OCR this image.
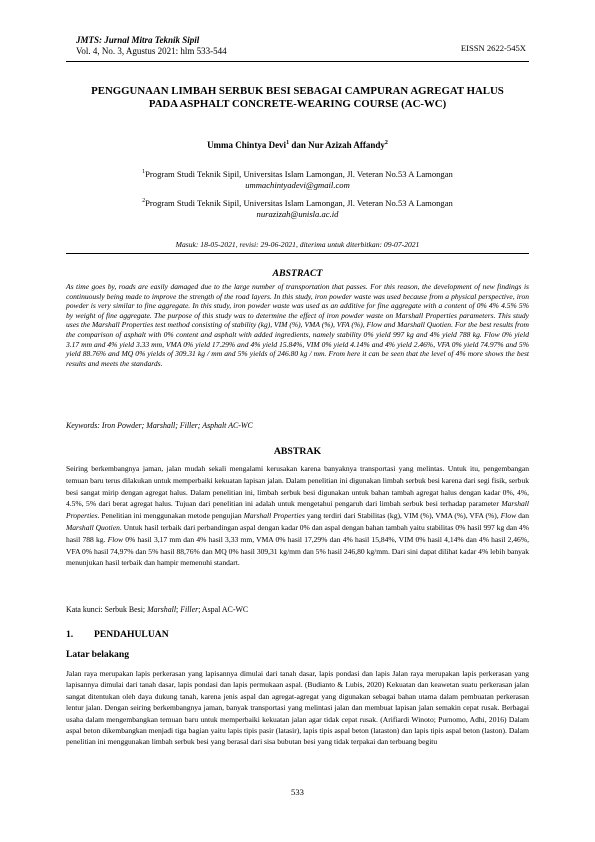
JMTS: Jurnal Mitra Teknik Sipil
Vol. 4, No. 3, Agustus 2021: hlm 533-544	EISSN 2622-545X
PENGGUNAAN LIMBAH SERBUK BESI SEBAGAI CAMPURAN AGREGAT HALUS
PADA ASPHALT CONCRETE-WEARING COURSE (AC-WC)
Umma Chintya Devi$^1$ dan Nur Azizah Affandy$^2$
$^1$Program Studi Teknik Sipil, Universitas Islam Lamongan, Jl. Veteran No.53 A Lamongan
ummachintyadevi@gmail.com
$^2$Program Studi Teknik Sipil, Universitas Islam Lamongan, Jl. Veteran No.53 A Lamongan
nurazizah@unisla.ac.id
Masuk: 18-05-2021, revisi: 29-06-2021, diterima untuk diterbitkan: 09-07-2021
ABSTRACT
As time goes by, roads are easily damaged due to the large number of transportation that passes. For this reason, the development of new findings is continuously being made to improve the strength of the road layers. In this study, iron powder waste was used because from a physical perspective, iron powder is very similar to fine aggregate. In this study, iron powder waste was used as an additive for fine aggregate with a content of 0% 4% 4.5% 5% by weight of fine aggregate. The purpose of this study was to determine the effect of iron powder waste on Marshall Properties parameters. This study uses the Marshall Properties test method consisting of stability (kg), VIM (%), VMA (%), VFA (%), Flow and Marshall Quotien. For the best results from the comparison of asphalt with 0% content and asphalt with added ingredients, namely stability 0% yield 997 kg and 4% yield 788 kg. Flow 0% yield 3.17 mm and 4% yield 3.33 mm, VMA 0% yield 17.29% and 4% yield 15.84%, VIM 0% yield 4.14% and 4% yield 2.46%, VFA 0% yield 74.97% and 5% yield 88.76% and MQ 0% yields of 309.31 kg / mm and 5% yields of 246.80 kg / mm. From here it can be seen that the level of 4% more shows the best results and meets the standards.
Keywords: Iron Powder; Marshall; Filler; Asphalt AC-WC
ABSTRAK
Seiring berkembangnya jaman, jalan mudah sekali mengalami kerusakan karena banyaknya transportasi yang melintas. Untuk itu, pengembangan temuan baru terus dilakukan untuk memperbaiki kekuatan lapisan jalan. Dalam penelitian ini digunakan limbah serbuk besi karena dari segi fisik, serbuk besi sangat mirip dengan agregat halus. Dalam penelitian ini, limbah serbuk besi digunakan untuk bahan tambah agregat halus dengan kadar 0%, 4%, 4.5%, 5% dari berat agregat halus. Tujuan dari penelitian ini adalah untuk mengetahui pengaruh dari limbah serbuk besi terhadap parameter Marshall Properties. Penelitian ini menggunakan metode pengujian Marshall Properties yang terdiri dari Stabilitas (kg), VIM (%), VMA (%), VFA (%), Flow dan Marshall Quotien. Untuk hasil terbaik dari perbandingan aspal dengan kadar 0% dan aspal dengan bahan tambah yaitu stabilitas 0% hasil 997 kg dan 4% hasil 788 kg. Flow 0% hasil 3,17 mm dan 4% hasil 3,33 mm, VMA 0% hasil 17,29% dan 4% hasil 15,84%, VIM 0% hasil 4,14% dan 4% hasil 2,46%, VFA 0% hasil 74,97% dan 5% hasil 88,76% dan MQ 0% hasil 309,31 kg/mm dan 5% hasil 246,80 kg/mm. Dari sini dapat dilihat kadar 4% lebih banyak menunjukan hasil terbaik dan hampir memenuhi standart.
Kata kunci: Serbuk Besi; Marshall; Filler; Aspal AC-WC
1. PENDAHULUAN
Latar belakang
Jalan raya merupakan lapis perkerasan yang lapisannya dimulai dari tanah dasar, lapis pondasi dan lapis Jalan raya merupakan lapis perkerasan yang lapisannya dimulai dari tanah dasar, lapis pondasi dan lapis permukaan aspal. (Budianto & Lubis, 2020) Kekuatan dan keawetan suatu perkerasan jalan sangat ditentukan oleh daya dukung tanah, karena jenis aspal dan agregat-agregat yang digunakan sebagai bahan utama dalam pembuatan perkerasan lentur jalan. Dengan seiring berkembangnya jaman, banyak transportasi yang melintasi jalan dan membuat lapisan jalan semakin cepat rusak. Berbagai usaha dalam mengembangkan temuan baru untuk memperbaiki kekuatan jalan agar tidak cepat rusak. (Arifiardi Winoto; Purnomo, Adhi, 2016) Dalam aspal beton dikembangkan menjadi tiga bagian yaitu lapis tipis pasir (latasir), lapis tipis aspal beton (lataston) dan lapis tipis aspal beton (laston). Dalam penelitian ini menggunakan limbah serbuk besi yang berasal dari sisa bubutan besi yang tidak terpakai dan terbuang begitu
533
